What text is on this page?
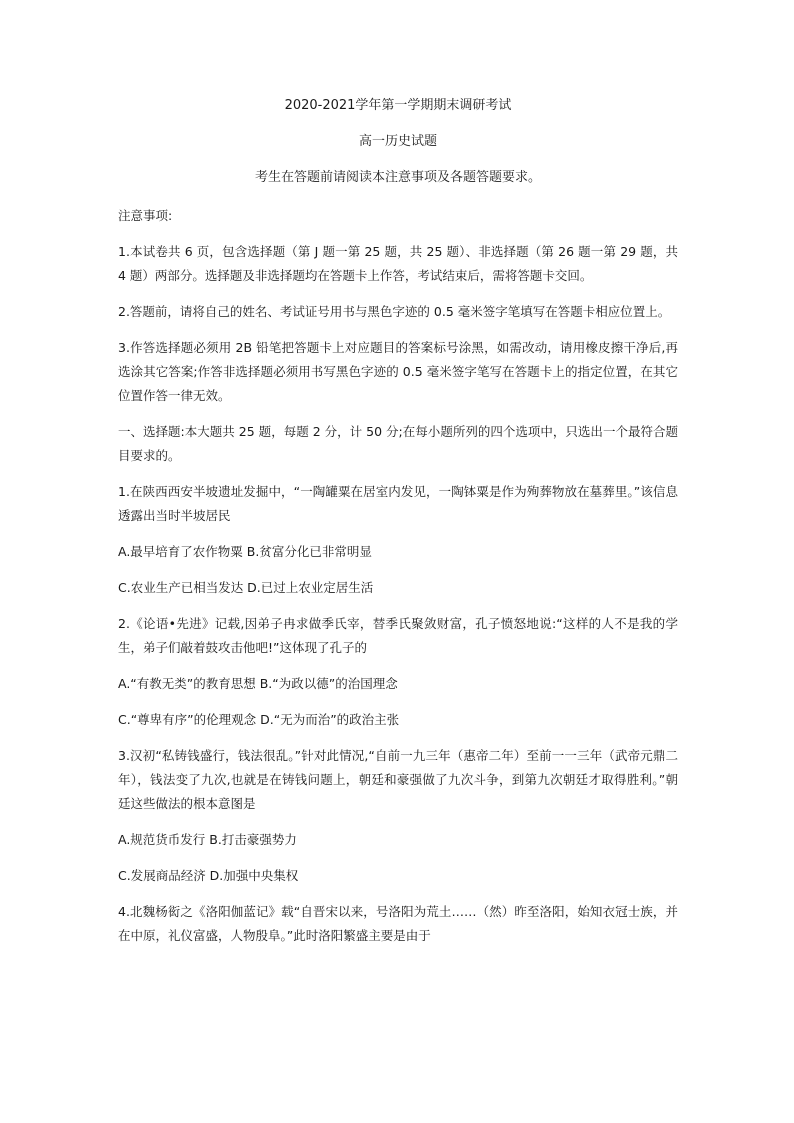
2020-2021学年第一学期期末调研考试
高一历史试题
考生在答题前请阅读本注意事项及各题答题要求。
注意事项:
1.本试卷共 6 页，包含选择题（第 J 题一第 25 题，共 25 题）、非选择题（第 26 题一第 29 题，共 4 题）两部分。选择题及非选择题均在答题卡上作答，考试结束后，需将答题卡交回。
2.答题前，请将自己的姓名、考试证号用书与黑色字迹的 0.5 毫米签字笔填写在答题卡相应位置上。
3.作答选择题必须用 2B 铅笔把答题卡上对应题目的答案标号涂黑，如需改动，请用橡皮擦干净后,再选涂其它答案;作答非选择题必须用书写黑色字迹的 0.5 毫米签字笔写在答题卡上的指定位置，在其它位置作答一律无效。
一、选择题:本大题共 25 题，每题 2 分，计 50 分;在每小题所列的四个选项中，只选出一个最符合题目要求的。
1.在陕西西安半坡遗址发掘中，“一陶罐粟在居室内发见，一陶钵粟是作为殉葬物放在墓葬里。”该信息透露出当时半坡居民
A.最早培育了农作物粟 B.贫富分化已非常明显
C.农业生产已相当发达 D.已过上农业定居生活
2.《论语•先进》记载,因弟子冉求做季氏宰，替季氏聚敛财富，孔子愤怒地说:“这样的人不是我的学生，弟子们敲着鼓攻击他吧!”这体现了孔子的
A.“有教无类”的教育思想 B.“为政以德”的治国理念
C.“尊卑有序”的伦理观念 D.“无为而治”的政治主张
3.汉初“私铸钱盛行，钱法很乱。”针对此情况,“自前一九三年（惠帝二年）至前一一三年（武帝元鼎二年），钱法变了九次,也就是在铸钱问题上，朝廷和豪强做了九次斗争，到第九次朝廷才取得胜利。”朝廷这些做法的根本意图是
A.规范货币发行 B.打击豪强势力
C.发展商品经济 D.加强中央集权
4.北魏杨衒之《洛阳伽蓝记》载“自晋宋以来，号洛阳为荒土……（然）昨至洛阳，始知衣冠士族，并在中原，礼仪富盛，人物殷阜。”此时洛阳繁盛主要是由于
